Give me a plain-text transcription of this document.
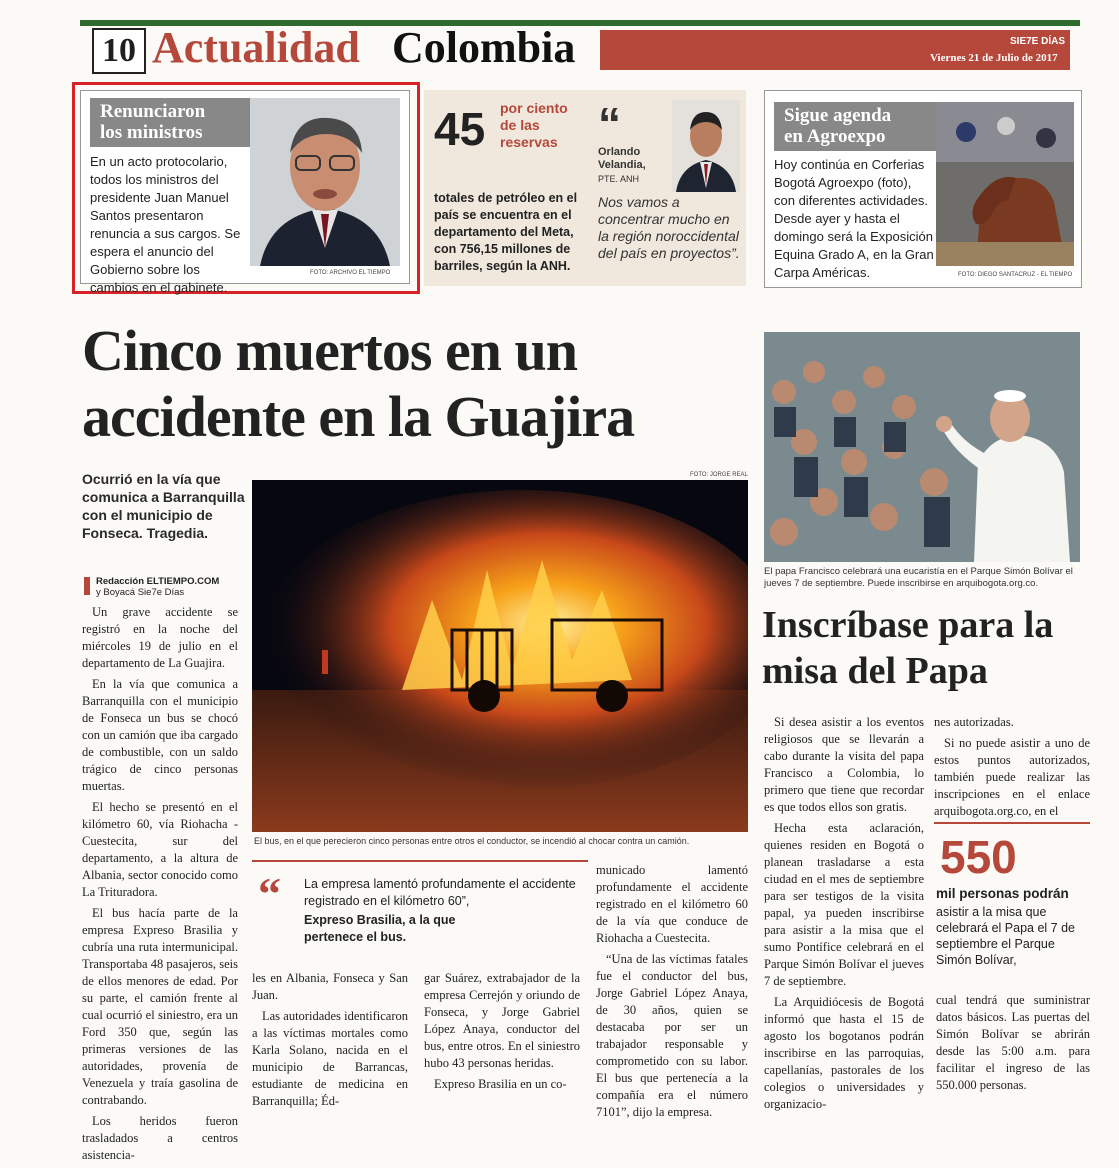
10 Actualidad Colombia	SIE7E DÍAS
Viernes 21 de Julio de 2017
Renunciaron
los ministros
En un acto protocolario, todos los ministros del presidente Juan Manuel Santos presentaron renuncia a sus cargos. Se espera el anuncio del Gobierno sobre los cambios en el gabinete.
FOTO: ARCHIVO EL TIEMPO
45 por ciento de las reservas
totales de petróleo en el país se encuentra en el departamento del Meta, con 756,15 millones de barriles, según la ANH.
“
Orlando Velandia,
PTE. ANH
Nos vamos a concentrar mucho en la región noroccidental del país en proyectos”.
Sigue agenda
en Agroexpo
Hoy continúa en Corferias Bogotá Agroexpo (foto), con diferentes actividades. Desde ayer y hasta el domingo será la Exposición Equina Grado A, en la Gran Carpa Américas.	FOTO: DIEGO SANTACRUZ - EL TIEMPO
Cinco muertos en un accidente en la Guajira
Ocurrió en la vía que comunica a Barranquilla con el municipio de Fonseca. Tragedia.
Redacción ELTIEMPO.COM
y Boyacá Sie7e Días
FOTO: JORGE REAL
El bus, en el que perecieron cinco personas entre otros el conductor, se incendió al chocar contra un camión.

Un grave accidente se registró en la noche del miércoles 19 de julio en el departamento de La Guajira.

En la vía que comunica a Barranquilla con el municipio de Fonseca un bus se chocó con un camión que iba cargado de combustible, con un saldo trágico de cinco personas muertas.

El hecho se presentó en el kilómetro 60, vía Riohacha - Cuestecita, sur del departamento, a la altura de Albania, sector conocido como La Trituradora.

El bus hacía parte de la empresa Expreso Brasilia y cubría una ruta intermunicipal. Transportaba 48 pasajeros, seis de ellos menores de edad. Por su parte, el camión frente al cual ocurrió el siniestro, era un Ford 350 que, según las primeras versiones de las autoridades, provenía de Venezuela y traía gasolina de contrabando.

Los heridos fueron trasladados a centros asistencia-

“ La empresa lamentó profundamente el accidente registrado en el kilómetro 60”,
Expreso Brasilia, a la que pertenece el bus.

les en Albania, Fonseca y San Juan.

Las autoridades identificaron a las víctimas mortales como Karla Solano, nacida en el municipio de Barrancas, estudiante de medicina en Barranquilla; Éd-

gar Suárez, extrabajador de la empresa Cerrejón y oriundo de Fonseca, y Jorge Gabriel López Anaya, conductor del bus, entre otros. En el siniestro hubo 43 personas heridas.

Expreso Brasilia en un co-

municado lamentó profundamente el accidente registrado en el kilómetro 60 de la vía que conduce de Riohacha a Cuestecita.

“Una de las víctimas fatales fue el conductor del bus, Jorge Gabriel López Anaya, de 30 años, quien se destacaba por ser un trabajador responsable y comprometido con su labor. El bus que pertenecía a la compañía era el número 7101”, dijo la empresa.

El papa Francisco celebrará una eucaristía en el Parque Simón Bolívar el jueves 7 de septiembre. Puede inscribirse en arquibogota.org.co.
Inscríbase para la misa del Papa

Si desea asistir a los eventos religiosos que se llevarán a cabo durante la visita del papa Francisco a Colombia, lo primero que tiene que recordar es que todos ellos son gratis.

Hecha esta aclaración, quienes residen en Bogotá o planean trasladarse a esta ciudad en el mes de septiembre para ser testigos de la visita papal, ya pueden inscribirse para asistir a la misa que el sumo Pontífice celebrará en el Parque Simón Bolívar el jueves 7 de septiembre.

La Arquidiócesis de Bogotá informó que hasta el 15 de agosto los bogotanos podrán inscribirse en las parroquias, capellanías, pastorales de los colegios o universidades y organizacio-

nes autorizadas.

Si no puede asistir a uno de estos puntos autorizados, también puede realizar las inscripciones en el enlace arquibogota.org.co, en el

550
mil personas podrán
asistir a la misa que celebrará el Papa el 7 de septiembre el Parque Simón Bolívar,

cual tendrá que suministrar datos básicos. Las puertas del Simón Bolívar se abrirán desde las 5:00 a.m. para facilitar el ingreso de las 550.000 personas.
